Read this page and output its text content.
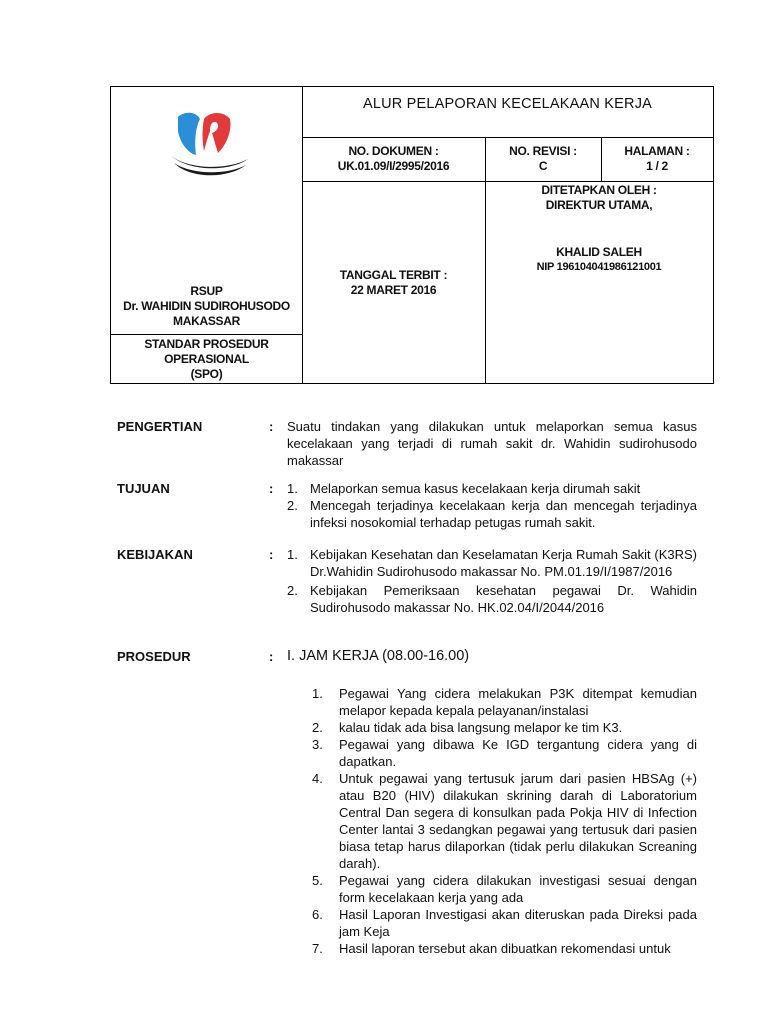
RSUP
Dr. WAHIDIN SUDIROHUSODO
MAKASSAR
STANDAR PROSEDUR
OPERASIONAL
(SPO)
ALUR PELAPORAN KECELAKAAN KERJA
NO. DOKUMEN :
UK.01.09/I/2995/2016
NO. REVISI :
C
HALAMAN :
1 / 2
TANGGAL TERBIT :
22 MARET 2016
DITETAPKAN OLEH :
DIREKTUR UTAMA,
KHALID SALEH
NIP 196104041986121001
PENGERTIAN	: Suatu tindakan yang dilakukan untuk melaporkan semua kasus kecelakaan yang terjadi di rumah sakit dr. Wahidin sudirohusodo makassar

TUJUAN	: 1. Melaporkan semua kasus kecelakaan kerja dirumah sakit
2. Mencegah terjadinya kecelakaan kerja dan mencegah terjadinya infeksi nosokomial terhadap petugas rumah sakit.
KEBIJAKAN	: 1. Kebijakan Kesehatan dan Keselamatan Kerja Rumah Sakit (K3RS) Dr.Wahidin Sudirohusodo makassar No. PM.01.19/I/1987/2016
2. Kebijakan Pemeriksaan kesehatan pegawai Dr. Wahidin Sudirohusodo makassar No. HK.02.04/I/2044/2016
PROSEDUR	: I. JAM KERJA (08.00-16.00)
1. Pegawai Yang cidera melakukan P3K ditempat kemudian melapor kepada kepala pelayanan/instalasi
2. kalau tidak ada bisa langsung melapor ke tim K3.
3. Pegawai yang dibawa Ke IGD tergantung cidera yang di dapatkan.
4. Untuk pegawai yang tertusuk jarum dari pasien HBSAg (+) atau B20 (HIV) dilakukan skrining darah di Laboratorium Central Dan segera di konsulkan pada Pokja HIV di Infection Center lantai 3 sedangkan pegawai yang tertusuk dari pasien biasa tetap harus dilaporkan (tidak perlu dilakukan Screaning darah).
5. Pegawai yang cidera dilakukan investigasi sesuai dengan form kecelakaan kerja yang ada
6. Hasil Laporan Investigasi akan diteruskan pada Direksi pada jam Keja
7. Hasil laporan tersebut akan dibuatkan rekomendasi untuk
